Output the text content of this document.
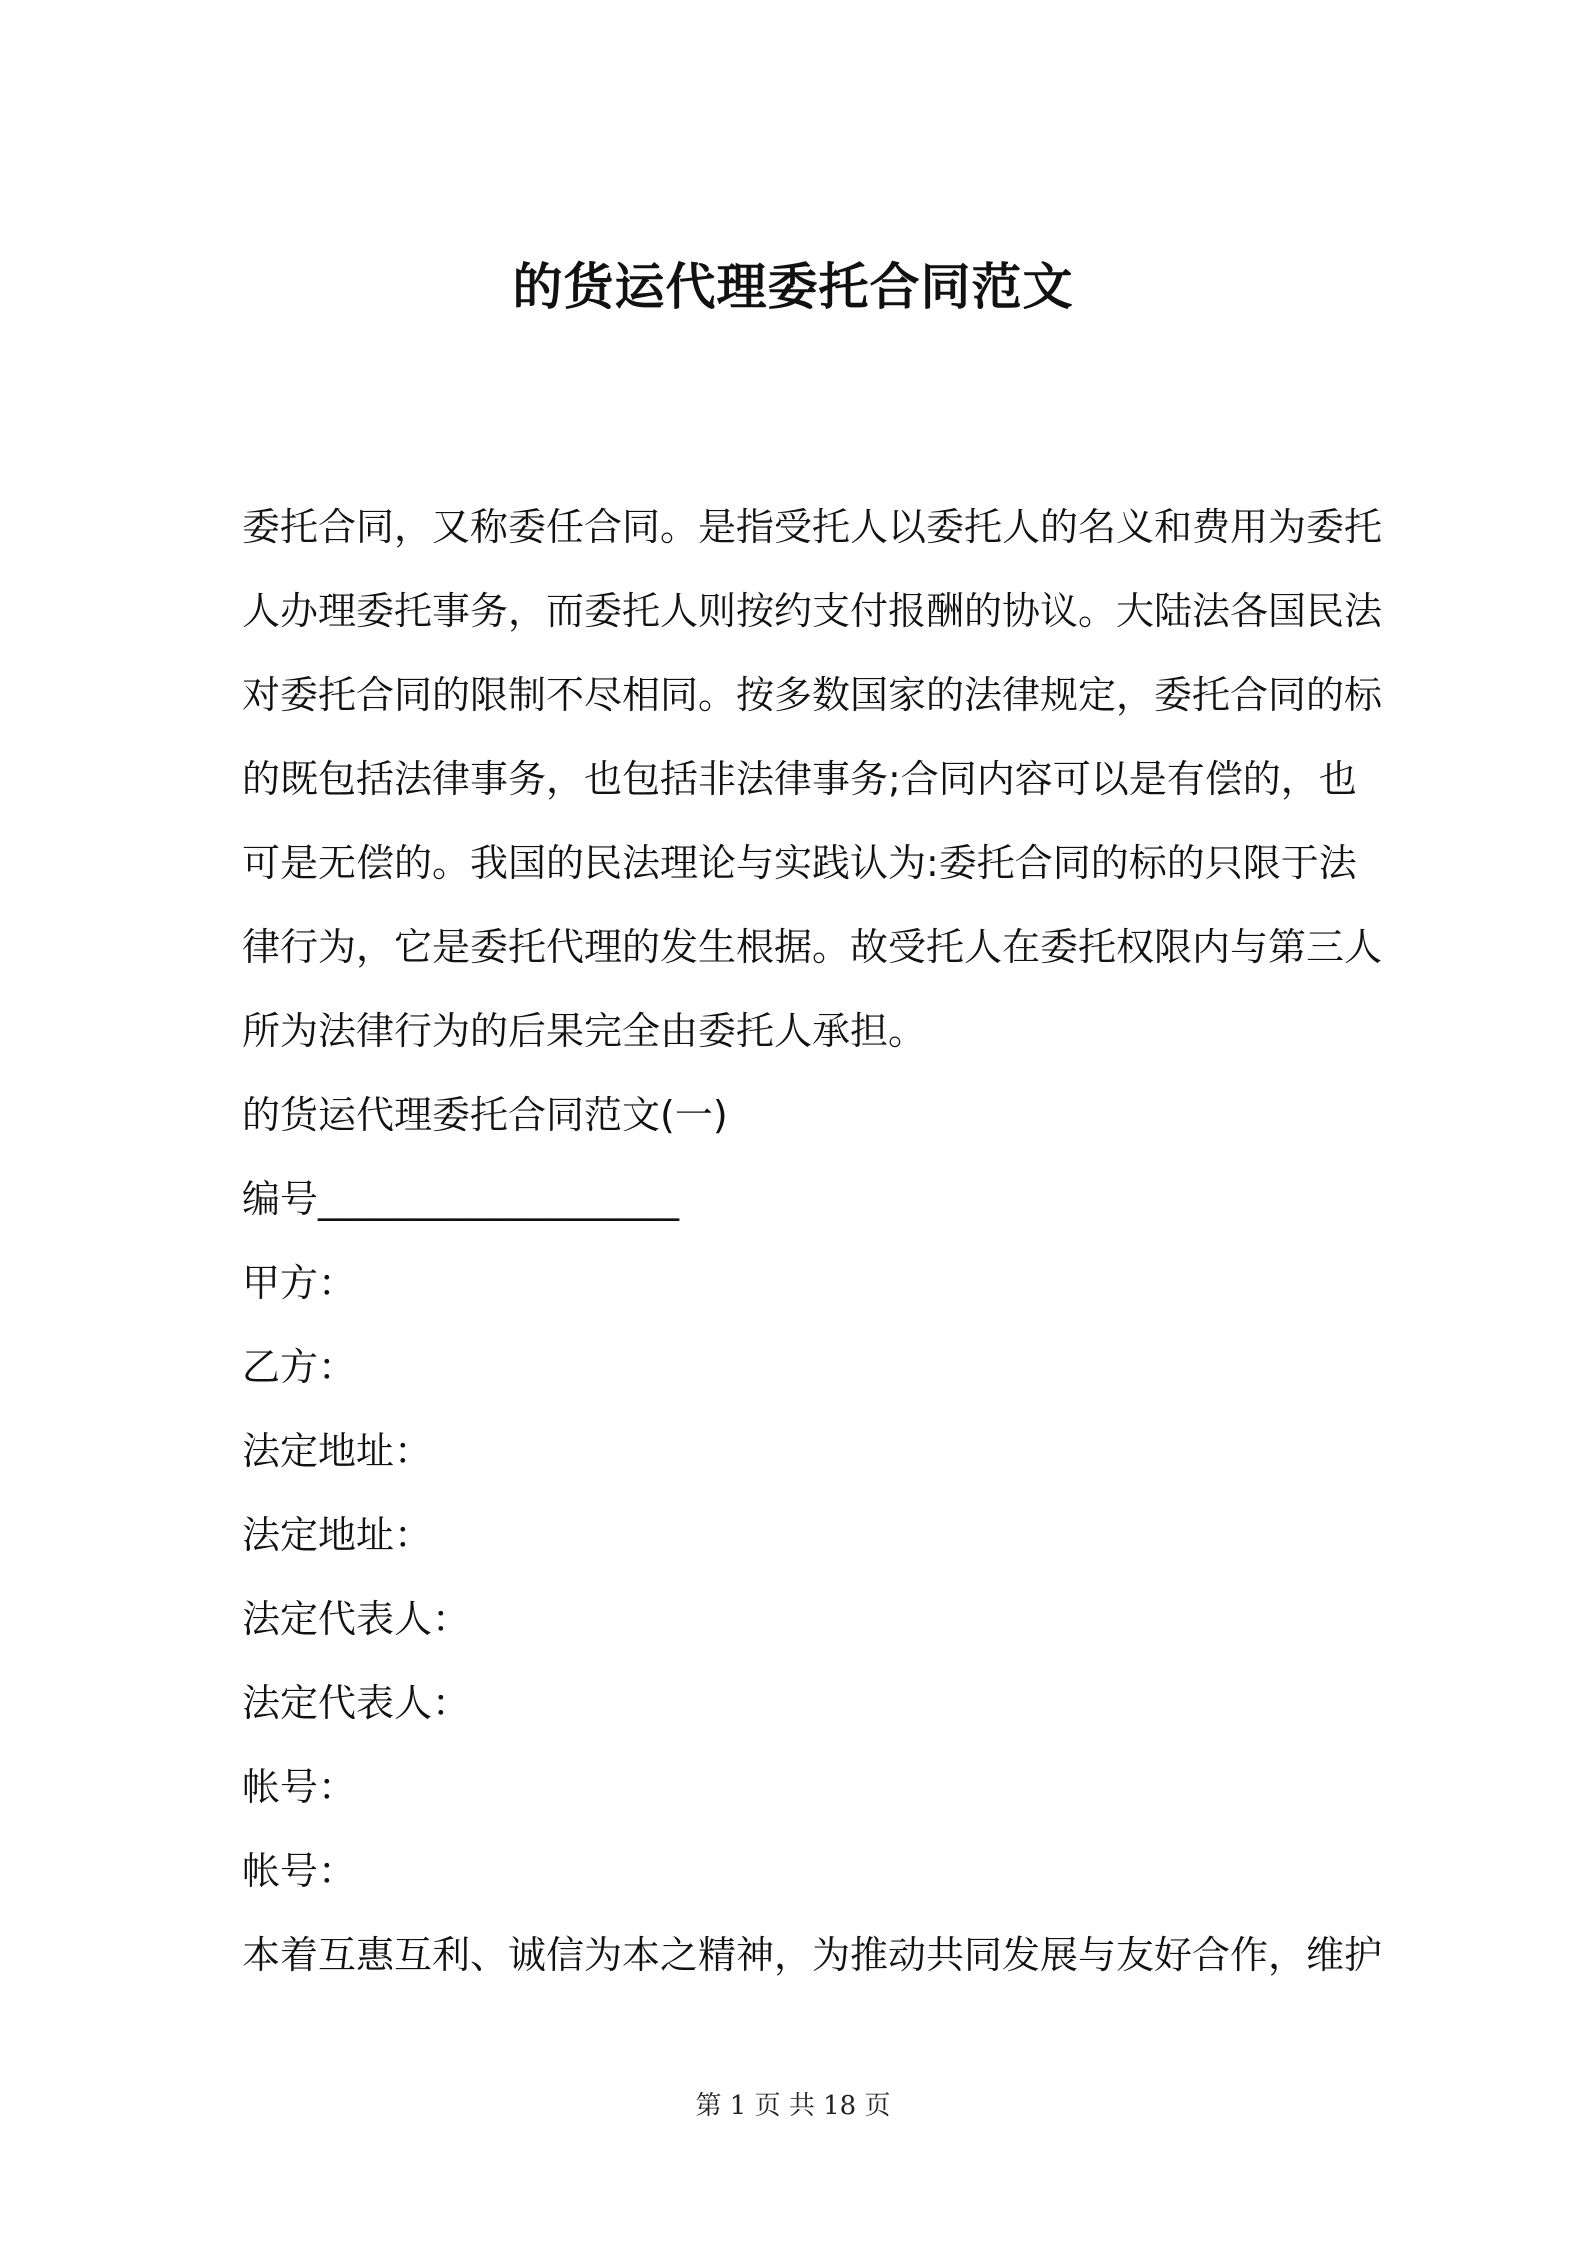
的货运代理委托合同范文

委托合同，又称委任合同。是指受托人以委托人的名义和费用为委托

人办理委托事务，而委托人则按约支付报酬的协议。大陆法各国民法

对委托合同的限制不尽相同。按多数国家的法律规定，委托合同的标

的既包括法律事务，也包括非法律事务;合同内容可以是有偿的，也

可是无偿的。我国的民法理论与实践认为:委托合同的标的只限于法

律行为，它是委托代理的发生根据。故受托人在委托权限内与第三人

所为法律行为的后果完全由委托人承担。

的货运代理委托合同范文(一)

编号___________________

甲方：

乙方：

法定地址：

法定地址：

法定代表人：

法定代表人：

帐号：

帐号：

本着互惠互利、诚信为本之精神，为推动共同发展与友好合作，维护

第 1 页 共 18 页
